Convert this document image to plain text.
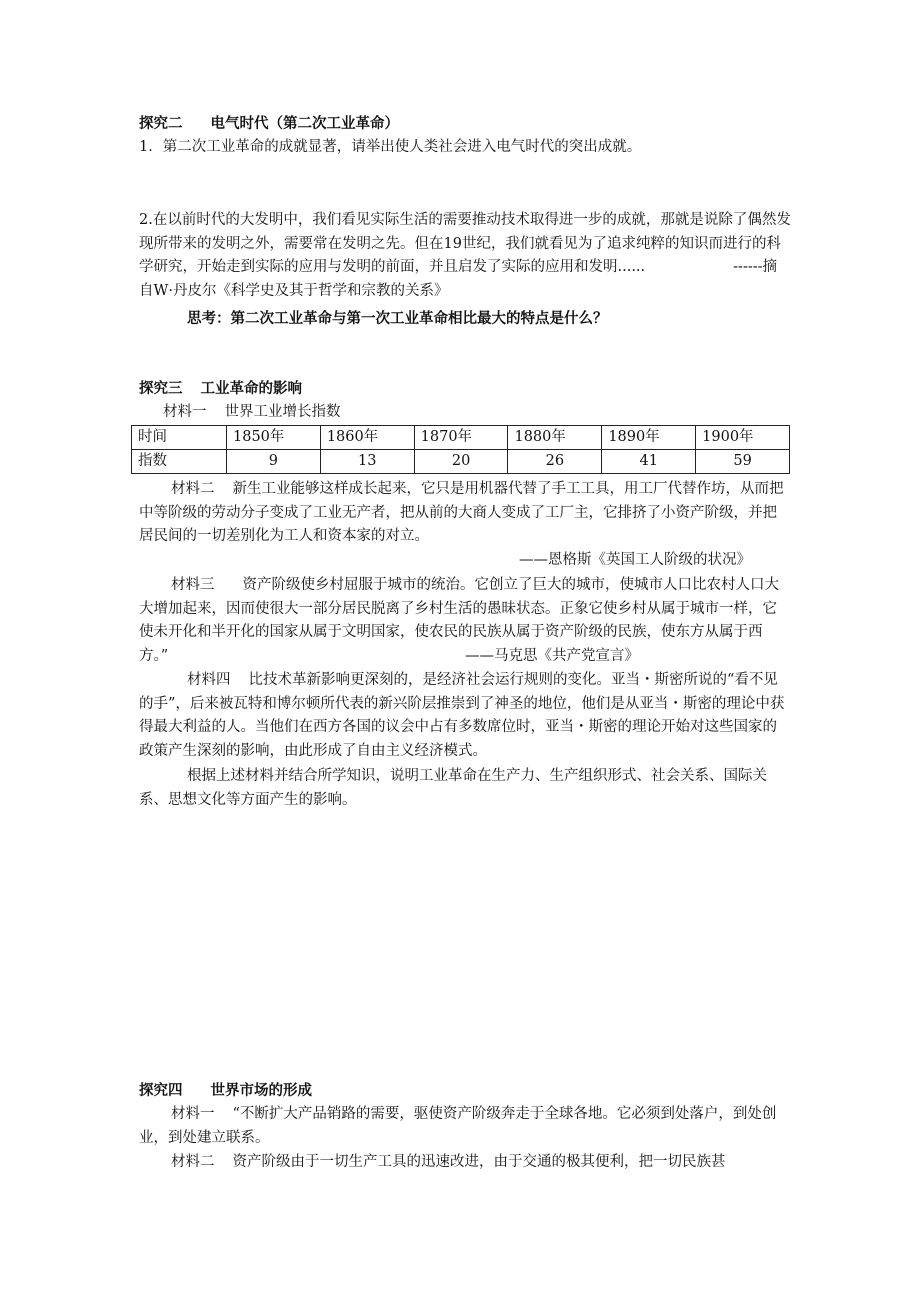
探究二 电气时代（第二次工业革命）

1．第二次工业革命的成就显著，请举出使人类社会进入电气时代的突出成就。

2.在以前时代的大发明中，我们看见实际生活的需要推动技术取得进一步的成就，那就是说除了偶然发现所带来的发明之外，需要常在发明之先。但在19世纪，我们就看见为了追求纯粹的知识而进行的科学研究，开始走到实际的应用与发明的前面，并且启发了实际的应用和发明......	------摘自W·丹皮尔《科学史及其于哲学和宗教的关系》

思考：第二次工业革命与第一次工业革命相比最大的特点是什么？

探究三 工业革命的影响

材料一 世界工业增长指数

时间	1850年	1860年	1870年	1880年	1890年	1900年
指数	9	13	20	26	41	59

材料二 新生工业能够这样成长起来，它只是用机器代替了手工工具，用工厂代替作坊，从而把中等阶级的劳动分子变成了工业无产者，把从前的大商人变成了工厂主，它排挤了小资产阶级，并把居民间的一切差别化为工人和资本家的对立。

——恩格斯《英国工人阶级的状况》

材料三 资产阶级使乡村屈服于城市的统治。它创立了巨大的城市，使城市人口比农村人口大大增加起来，因而使很大一部分居民脱离了乡村生活的愚昧状态。正象它使乡村从属于城市一样，它使未开化和半开化的国家从属于文明国家，使农民的民族从属于资产阶级的民族，使东方从属于西方。”	——马克思《共产党宣言》

材料四 比技术革新影响更深刻的，是经济社会运行规则的变化。亚当・斯密所说的“看不见的手”，后来被瓦特和博尔顿所代表的新兴阶层推崇到了神圣的地位，他们是从亚当・斯密的理论中获得最大利益的人。当他们在西方各国的议会中占有多数席位时，亚当・斯密的理论开始对这些国家的政策产生深刻的影响，由此形成了自由主义经济模式。

根据上述材料并结合所学知识，说明工业革命在生产力、生产组织形式、社会关系、国际关系、思想文化等方面产生的影响。

探究四 世界市场的形成

材料一 “不断扩大产品销路的需要，驱使资产阶级奔走于全球各地。它必须到处落户，到处创业，到处建立联系。

材料二 资产阶级由于一切生产工具的迅速改进，由于交通的极其便利，把一切民族甚
